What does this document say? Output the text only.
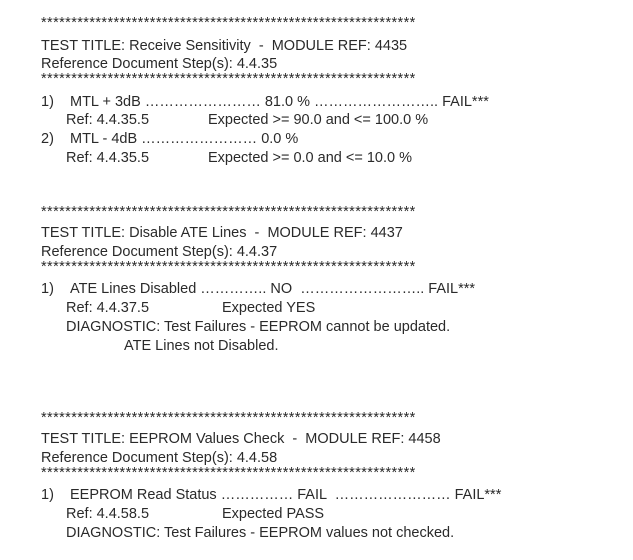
**************************************************************
TEST TITLE: Receive Sensitivity  -  MODULE REF: 4435
Reference Document Step(s): 4.4.35
**************************************************************
1) MTL + 3dB …………………… 81.0 % …………………….. FAIL***
Ref: 4.4.35.5	Expected >= 90.0 and <= 100.0 %
2) MTL - 4dB …………………… 0.0 %
Ref: 4.4.35.5	Expected >= 0.0 and <= 10.0 %
**************************************************************
TEST TITLE: Disable ATE Lines  -  MODULE REF: 4437
Reference Document Step(s): 4.4.37
**************************************************************
1) ATE Lines Disabled ………….. NO  …………………….. FAIL***
Ref: 4.4.37.5	Expected YES
DIAGNOSTIC: Test Failures - EEPROM cannot be updated.
ATE Lines not Disabled.
**************************************************************
TEST TITLE: EEPROM Values Check  -  MODULE REF: 4458
Reference Document Step(s): 4.4.58
**************************************************************
1) EEPROM Read Status …………… FAIL  …………………… FAIL***
Ref: 4.4.58.5	Expected PASS
DIAGNOSTIC: Test Failures - EEPROM values not checked.
